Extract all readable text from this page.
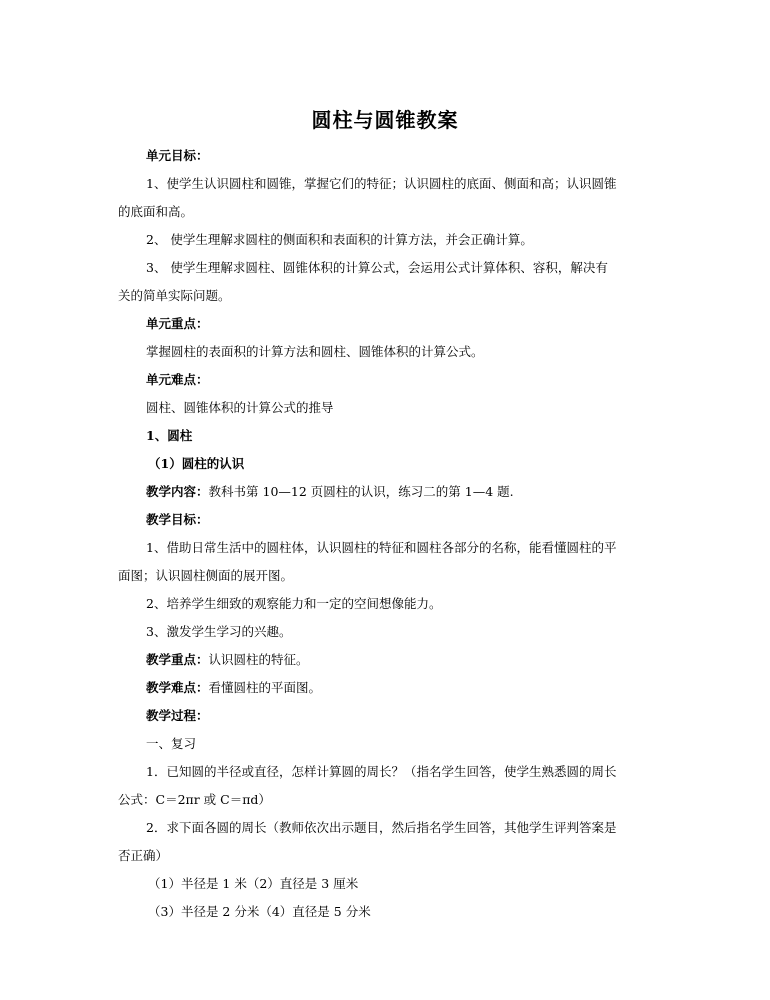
圆柱与圆锥教案
单元目标：
1、使学生认识圆柱和圆锥，掌握它们的特征；认识圆柱的底面、侧面和高；认识圆锥
的底面和高。
2、 使学生理解求圆柱的侧面积和表面积的计算方法，并会正确计算。
3、 使学生理解求圆柱、圆锥体积的计算公式，会运用公式计算体积、容积，解决有
关的简单实际问题。
单元重点：
掌握圆柱的表面积的计算方法和圆柱、圆锥体积的计算公式。
单元难点：
圆柱、圆锥体积的计算公式的推导
1、圆柱
（1）圆柱的认识
教学内容：教科书第 10—12 页圆柱的认识，练习二的第 1—4 题.
教学目标：
1、借助日常生活中的圆柱体，认识圆柱的特征和圆柱各部分的名称，能看懂圆柱的平
面图；认识圆柱侧面的展开图。
2、培养学生细致的观察能力和一定的空间想像能力。
3、激发学生学习的兴趣。
教学重点：认识圆柱的特征。
教学难点：看懂圆柱的平面图。
教学过程：
一、复习
1．已知圆的半径或直径，怎样计算圆的周长？（指名学生回答，使学生熟悉圆的周长
公式：C＝2πr 或 C＝πd）
2．求下面各圆的周长（教师依次出示题目，然后指名学生回答，其他学生评判答案是
否正确）
（1）半径是 1 米（2）直径是 3 厘米
（3）半径是 2 分米（4）直径是 5 分米
